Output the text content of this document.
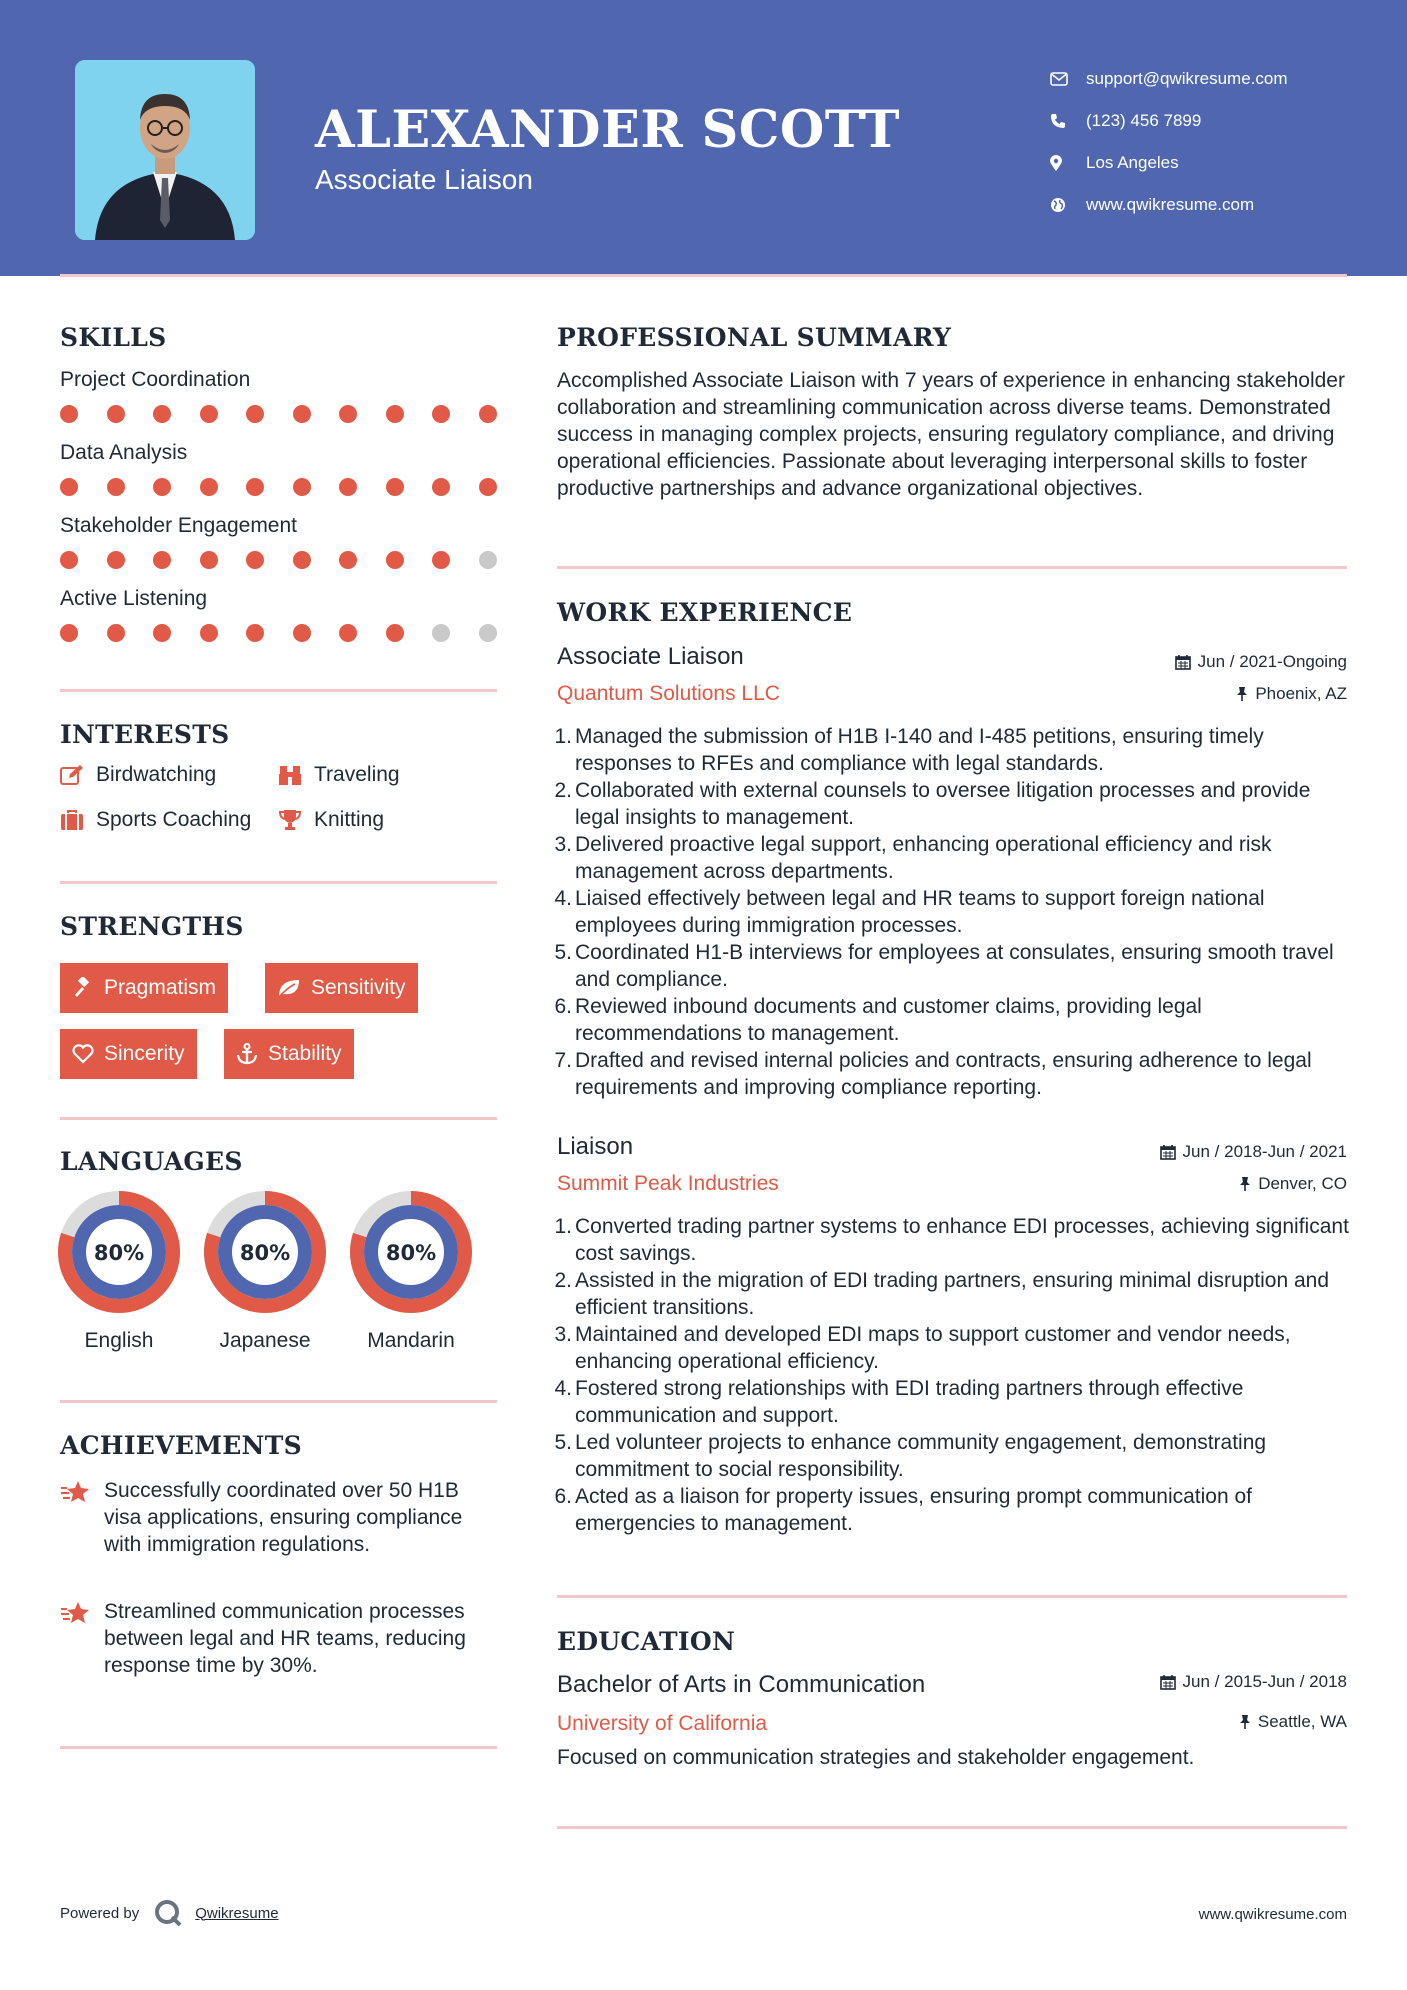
ALEXANDER SCOTT
Associate Liaison
support@qwikresume.com
(123) 456 7899
Los Angeles
www.qwikresume.com
SKILLS
Project Coordination
Data Analysis
Stakeholder Engagement
Active Listening
INTERESTS
Birdwatching	Traveling
Sports Coaching	Knitting
STRENGTHS
Pragmatism	Sensitivity
Sincerity	Stability
LANGUAGES
80%
English
80%
Japanese
80%
Mandarin
ACHIEVEMENTS
Successfully coordinated over 50 H1B visa applications, ensuring compliance with immigration regulations.
Streamlined communication processes between legal and HR teams, reducing response time by 30%.
PROFESSIONAL SUMMARY
Accomplished Associate Liaison with 7 years of experience in enhancing stakeholder collaboration and streamlining communication across diverse teams. Demonstrated success in managing complex projects, ensuring regulatory compliance, and driving operational efficiencies. Passionate about leveraging interpersonal skills to foster productive partnerships and advance organizational objectives.
WORK EXPERIENCE
Associate Liaison	Jun / 2021-Ongoing
Quantum Solutions LLC	Phoenix, AZ
1. Managed the submission of H1B I-140 and I-485 petitions, ensuring timely responses to RFEs and compliance with legal standards.
2. Collaborated with external counsels to oversee litigation processes and provide legal insights to management.
3. Delivered proactive legal support, enhancing operational efficiency and risk management across departments.
4. Liaised effectively between legal and HR teams to support foreign national employees during immigration processes.
5. Coordinated H1-B interviews for employees at consulates, ensuring smooth travel and compliance.
6. Reviewed inbound documents and customer claims, providing legal recommendations to management.
7. Drafted and revised internal policies and contracts, ensuring adherence to legal requirements and improving compliance reporting.
Liaison	Jun / 2018-Jun / 2021
Summit Peak Industries	Denver, CO
1. Converted trading partner systems to enhance EDI processes, achieving significant cost savings.
2. Assisted in the migration of EDI trading partners, ensuring minimal disruption and efficient transitions.
3. Maintained and developed EDI maps to support customer and vendor needs, enhancing operational efficiency.
4. Fostered strong relationships with EDI trading partners through effective communication and support.
5. Led volunteer projects to enhance community engagement, demonstrating commitment to social responsibility.
6. Acted as a liaison for property issues, ensuring prompt communication of emergencies to management.
EDUCATION
Bachelor of Arts in Communication	Jun / 2015-Jun / 2018
University of California	Seattle, WA
Focused on communication strategies and stakeholder engagement.
Powered by	Qwikresume	www.qwikresume.com
